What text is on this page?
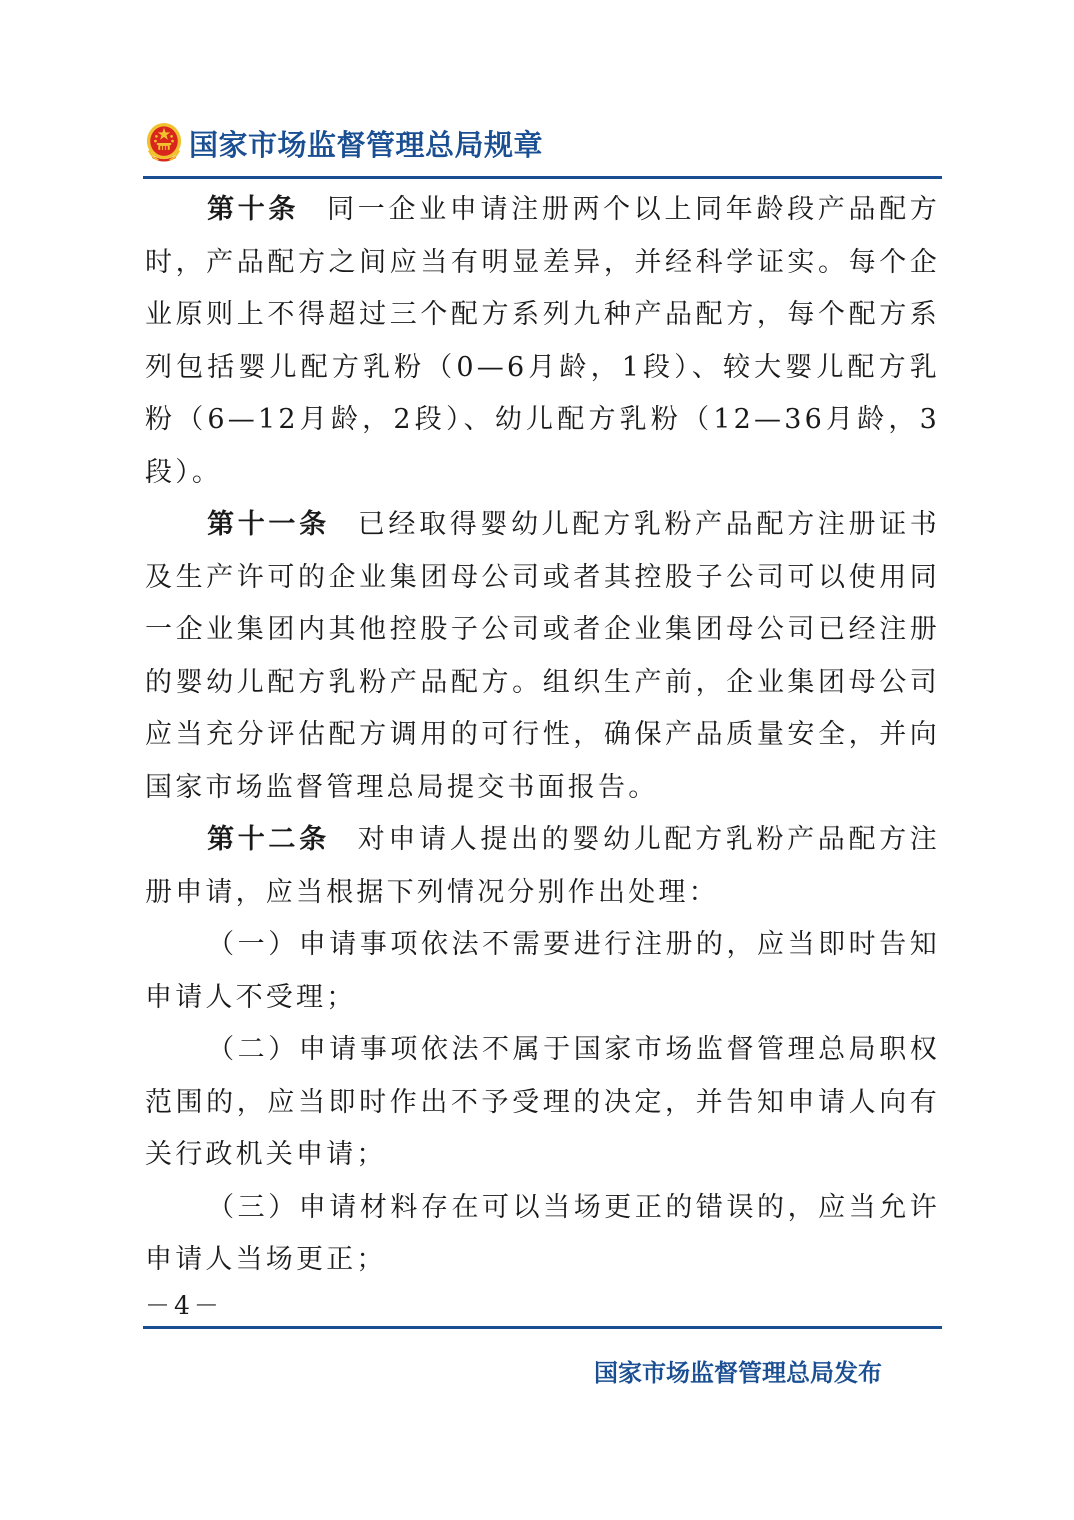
国家市场监督管理总局规章

第十条 同一企业申请注册两个以上同年龄段产品配方时，产品配方之间应当有明显差异，并经科学证实。每个企业原则上不得超过三个配方系列九种产品配方，每个配方系列包括婴儿配方乳粉（0—6月龄，1段）、较大婴儿配方乳粉（6—12月龄，2段）、幼儿配方乳粉（12—36月龄，3段）。

第十一条 已经取得婴幼儿配方乳粉产品配方注册证书及生产许可的企业集团母公司或者其控股子公司可以使用同一企业集团内其他控股子公司或者企业集团母公司已经注册的婴幼儿配方乳粉产品配方。组织生产前，企业集团母公司应当充分评估配方调用的可行性，确保产品质量安全，并向国家市场监督管理总局提交书面报告。

第十二条 对申请人提出的婴幼儿配方乳粉产品配方注册申请，应当根据下列情况分别作出处理：

（一）申请事项依法不需要进行注册的，应当即时告知申请人不受理；

（二）申请事项依法不属于国家市场监督管理总局职权范围的，应当即时作出不予受理的决定，并告知申请人向有关行政机关申请；

（三）申请材料存在可以当场更正的错误的，应当允许申请人当场更正；

－4－
国家市场监督管理总局发布
